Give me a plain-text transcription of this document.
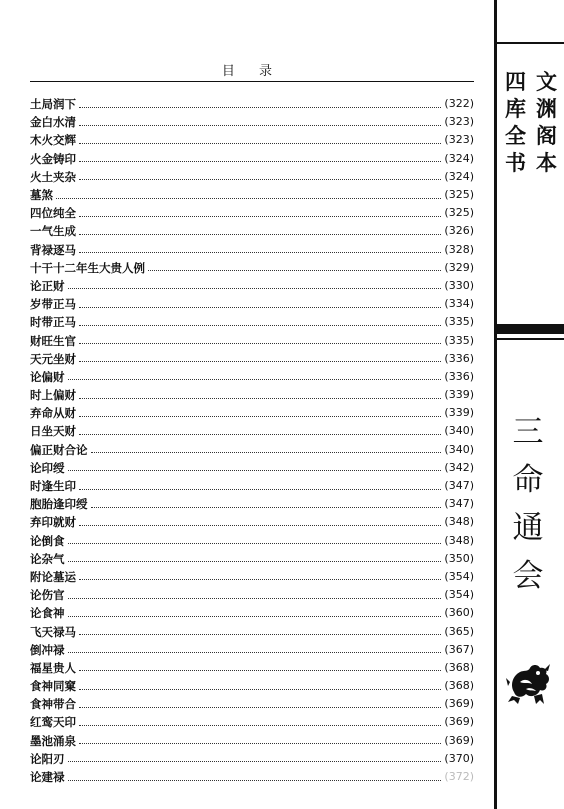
目 录
土局润下	(322)
金白水清	(323)
木火交辉	(323)
火金铸印	(324)
火土夹杂	(324)
墓煞	(325)
四位纯全	(325)
一气生成	(326)
背禄逐马	(328)
十干十二年生大贵人例	(329)
论正财	(330)
岁带正马	(334)
时带正马	(335)
财旺生官	(335)
天元坐财	(336)
论偏财	(336)
时上偏财	(339)
弃命从财	(339)
日坐天财	(340)
偏正财合论	(340)
论印绶	(342)
时逢生印	(347)
胞胎逢印绶	(347)
弃印就财	(348)
论倒食	(348)
论杂气	(350)
附论墓运	(354)
论伤官	(354)
论食神	(360)
飞天禄马	(365)
倒冲禄	(367)
福星贵人	(368)
食神同窠	(368)
食神带合	(369)
红鸾天印	(369)
墨池涌泉	(369)
论阳刃	(370)
论建禄	(372)
四
库
全
书
文
渊
阁
本
三
命
通
会
